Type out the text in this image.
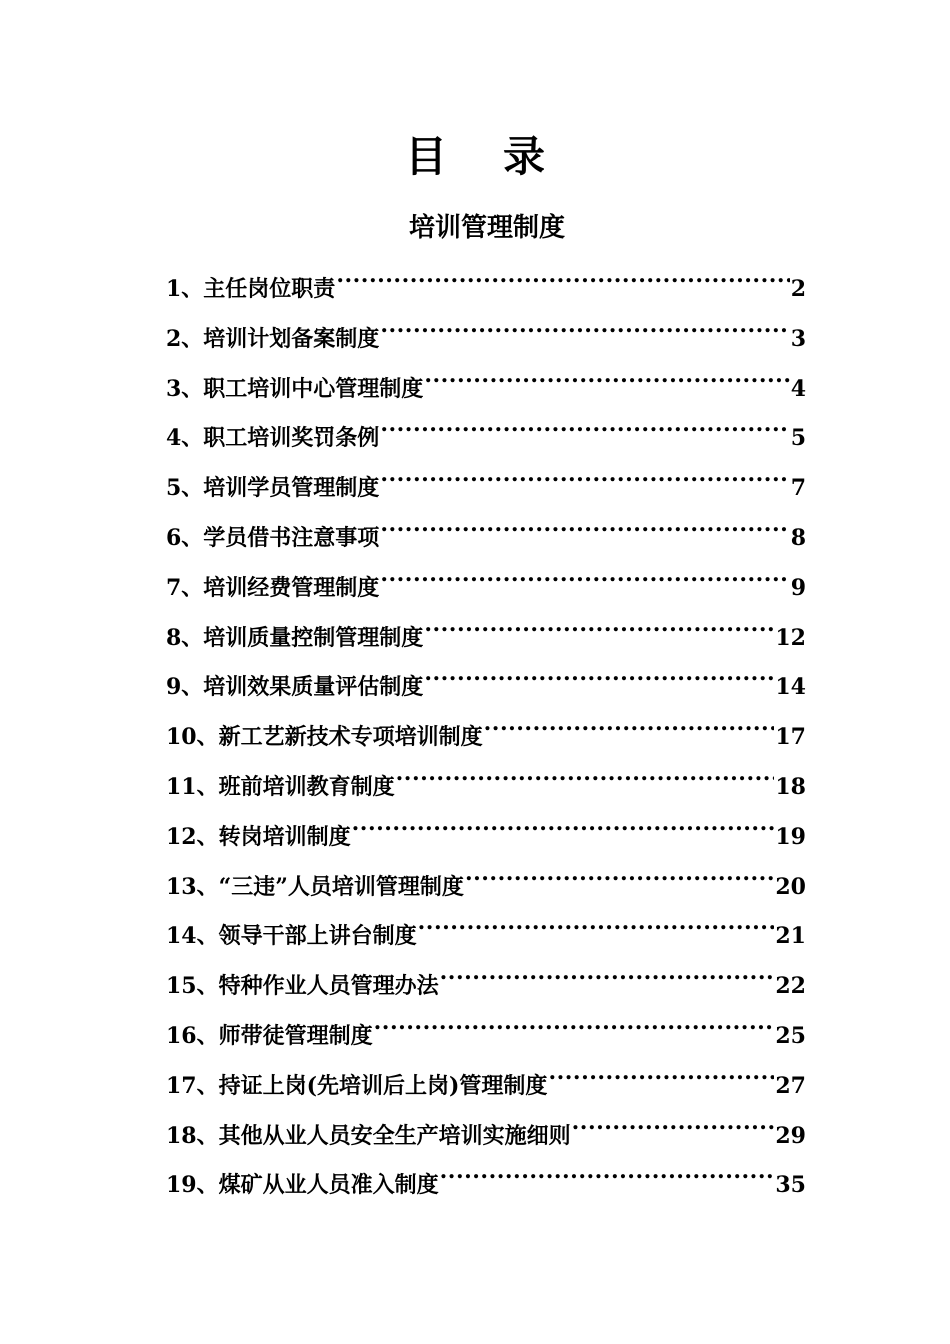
目录
培训管理制度
1、主任岗位职责 .....	2
2、培训计划备案制度 .....	3
3、职工培训中心管理制度 .....	4
4、职工培训奖罚条例 .....	5
5、培训学员管理制度 .....	7
6、学员借书注意事项 .....	8
7、培训经费管理制度 .....	9
8、培训质量控制管理制度 .....	12
9、培训效果质量评估制度 .....	14
10、新工艺新技术专项培训制度 .....	17
11、班前培训教育制度 .....	18
12、转岗培训制度 .....	19
13、“三违”人员培训管理制度 .....	20
14、领导干部上讲台制度 .....	21
15、特种作业人员管理办法 .....	22
16、师带徒管理制度 .....	25
17、持证上岗(先培训后上岗)管理制度 .....	27
18、其他从业人员安全生产培训实施细则 .....	29
19、煤矿从业人员准入制度 .....	35
